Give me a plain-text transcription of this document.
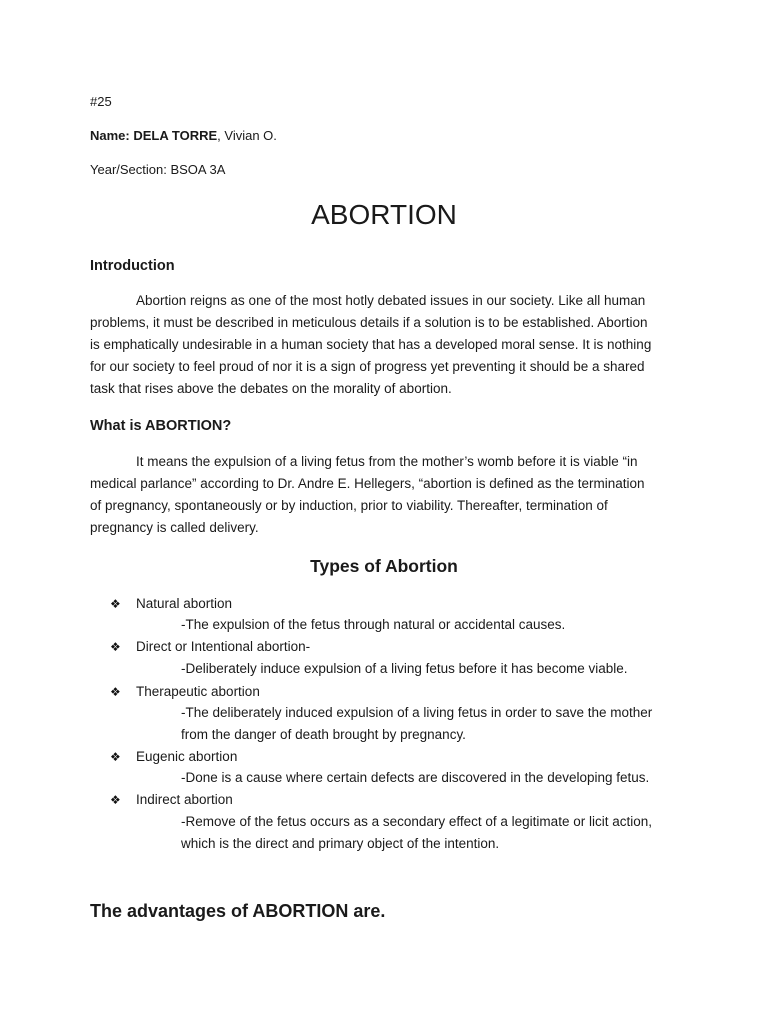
#25
Name: DELA TORRE, Vivian O.
Year/Section: BSOA 3A
ABORTION
Introduction
Abortion reigns as one of the most hotly debated issues in our society. Like all human
problems, it must be described in meticulous details if a solution is to be established. Abortion
is emphatically undesirable in a human society that has a developed moral sense. It is nothing
for our society to feel proud of nor it is a sign of progress yet preventing it should be a shared
task that rises above the debates on the morality of abortion.
What is ABORTION?
It means the expulsion of a living fetus from the mother’s womb before it is viable “in
medical parlance” according to Dr. Andre E. Hellegers, “abortion is defined as the termination
of pregnancy, spontaneously or by induction, prior to viability. Thereafter, termination of
pregnancy is called delivery.
Types of Abortion
❖ Natural abortion
-The expulsion of the fetus through natural or accidental causes.
❖ Direct or Intentional abortion-
-Deliberately induce expulsion of a living fetus before it has become viable.
❖ Therapeutic abortion
-The deliberately induced expulsion of a living fetus in order to save the mother
from the danger of death brought by pregnancy.
❖ Eugenic abortion
-Done is a cause where certain defects are discovered in the developing fetus.
❖ Indirect abortion
-Remove of the fetus occurs as a secondary effect of a legitimate or licit action,
which is the direct and primary object of the intention.
The advantages of ABORTION are.
